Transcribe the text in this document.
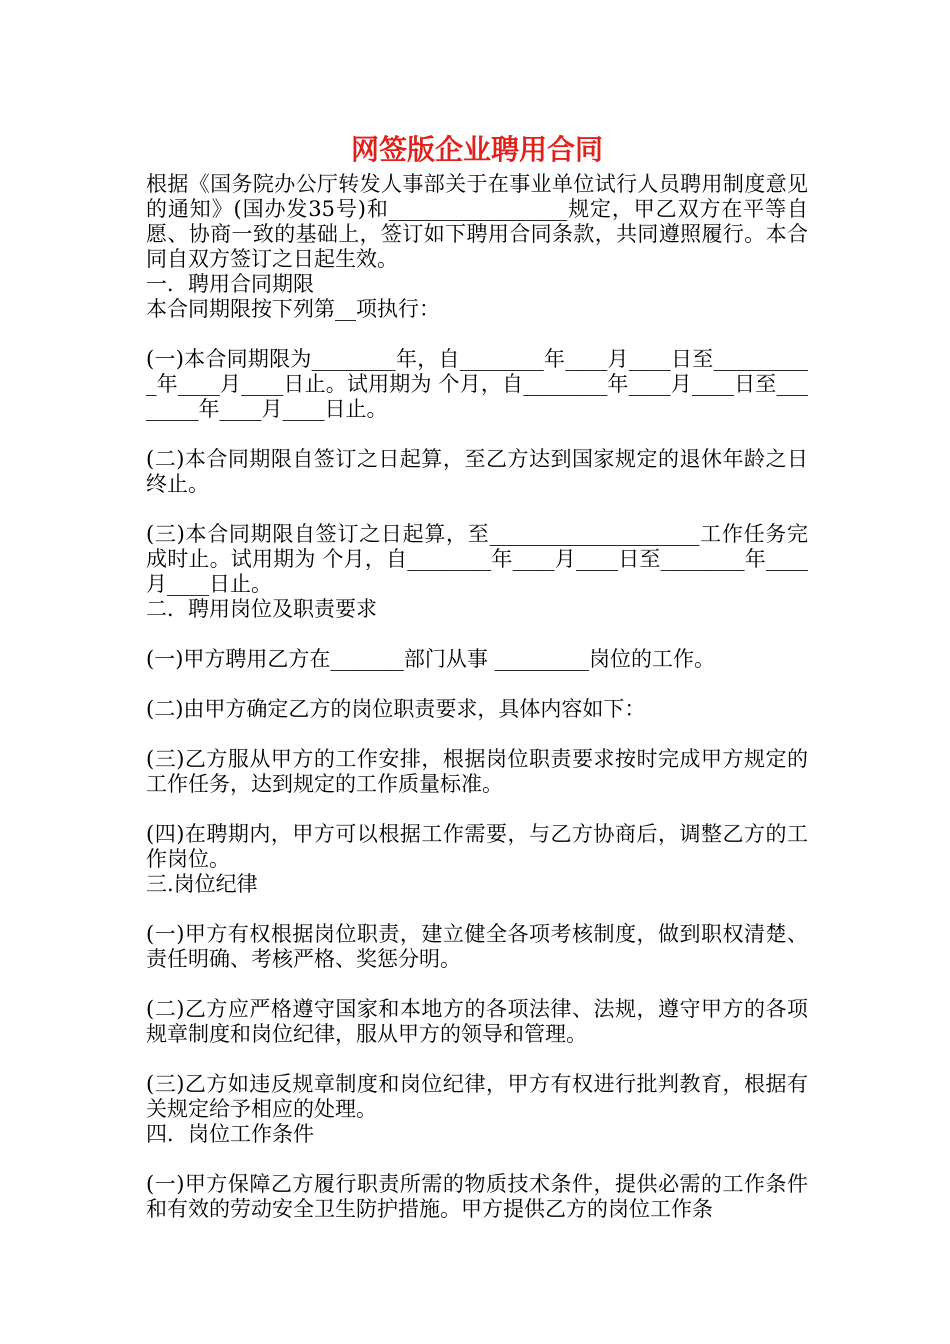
网签版企业聘用合同
根据《国务院办公厅转发人事部关于在事业单位试行人员聘用制度意见的通知》(国办发35号)和_________________规定，甲乙双方在平等自愿、协商一致的基础上，签订如下聘用合同条款，共同遵照履行。本合同自双方签订之日起生效。
一．聘用合同期限
本合同期限按下列第__项执行：
(一)本合同期限为________年，自________年____月____日至__________年____月____日止。试用期为 个月，自________年____月____日至________年____月____日止。
(二)本合同期限自签订之日起算，至乙方达到国家规定的退休年龄之日终止。
(三)本合同期限自签订之日起算，至____________________工作任务完成时止。试用期为 个月，自________年____月____日至________年____月____日止。
二．聘用岗位及职责要求
(一)甲方聘用乙方在_______部门从事 _________岗位的工作。
(二)由甲方确定乙方的岗位职责要求，具体内容如下：
(三)乙方服从甲方的工作安排，根据岗位职责要求按时完成甲方规定的工作任务，达到规定的工作质量标准。
(四)在聘期内，甲方可以根据工作需要，与乙方协商后，调整乙方的工作岗位。
三.岗位纪律
(一)甲方有权根据岗位职责，建立健全各项考核制度，做到职权清楚、责任明确、考核严格、奖惩分明。
(二)乙方应严格遵守国家和本地方的各项法律、法规，遵守甲方的各项规章制度和岗位纪律，服从甲方的领导和管理。
(三)乙方如违反规章制度和岗位纪律，甲方有权进行批判教育，根据有关规定给予相应的处理。
四．岗位工作条件
(一)甲方保障乙方履行职责所需的物质技术条件，提供必需的工作条件和有效的劳动安全卫生防护措施。甲方提供乙方的岗位工作条
